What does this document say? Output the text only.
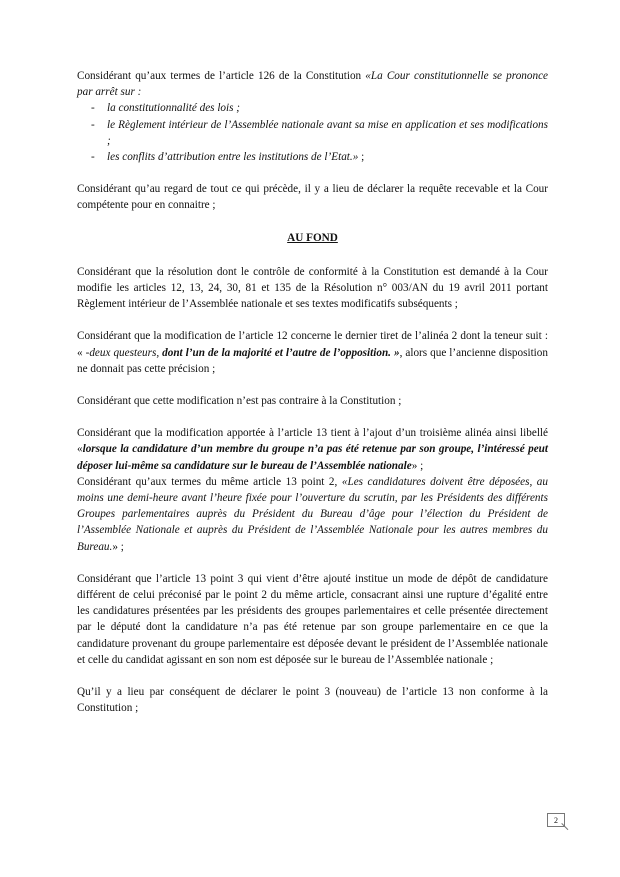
Considérant qu’aux termes de l’article 126 de la Constitution «La Cour constitutionnelle se prononce par arrêt sur :

- la constitutionnalité des lois ;
- le Règlement intérieur de l’Assemblée nationale avant sa mise en application et ses modifications ;
- les conflits d’attribution entre les institutions de l’Etat.» ;

Considérant qu’au regard de tout ce qui précède, il y a lieu de déclarer la requête recevable et la Cour compétente pour en connaitre ;

AU FOND

Considérant que la résolution dont le contrôle de conformité à la Constitution est demandé à la Cour modifie les articles 12, 13, 24, 30, 81 et 135 de la Résolution n° 003/AN du 19 avril 2011 portant Règlement intérieur de l’Assemblée nationale et ses textes modificatifs subséquents ;

Considérant que la modification de l’article 12 concerne le dernier tiret de l’alinéa 2 dont la teneur suit : « -deux questeurs, dont l’un de la majorité et l’autre de l’opposition. », alors que l’ancienne disposition ne donnait pas cette précision ;

Considérant que cette modification n’est pas contraire à la Constitution ;

Considérant que la modification apportée à l’article 13 tient à l’ajout d’un troisième alinéa ainsi libellé «lorsque la candidature d’un membre du groupe n’a pas été retenue par son groupe, l’intéressé peut déposer lui-même sa candidature sur le bureau de l’Assemblée nationale» ;

Considérant qu’aux termes du même article 13 point 2, «Les candidatures doivent être déposées, au moins une demi-heure avant l’heure fixée pour l’ouverture du scrutin, par les Présidents des différents Groupes parlementaires auprès du Président du Bureau d’âge pour l’élection du Président de l’Assemblée Nationale et auprès du Président de l’Assemblée Nationale pour les autres membres du Bureau.» ;

Considérant que l’article 13 point 3 qui vient d’être ajouté institue un mode de dépôt de candidature différent de celui préconisé par le point 2 du même article, consacrant ainsi une rupture d’égalité entre les candidatures présentées par les présidents des groupes parlementaires et celle présentée directement par le député dont la candidature n’a pas été retenue par son groupe parlementaire en ce que la candidature provenant du groupe parlementaire est déposée devant le président de l’Assemblée nationale et celle du candidat agissant en son nom est déposée sur le bureau de l’Assemblée nationale ;

Qu’il y a lieu par conséquent de déclarer le point 3 (nouveau) de l’article 13 non conforme à la Constitution ;

2
